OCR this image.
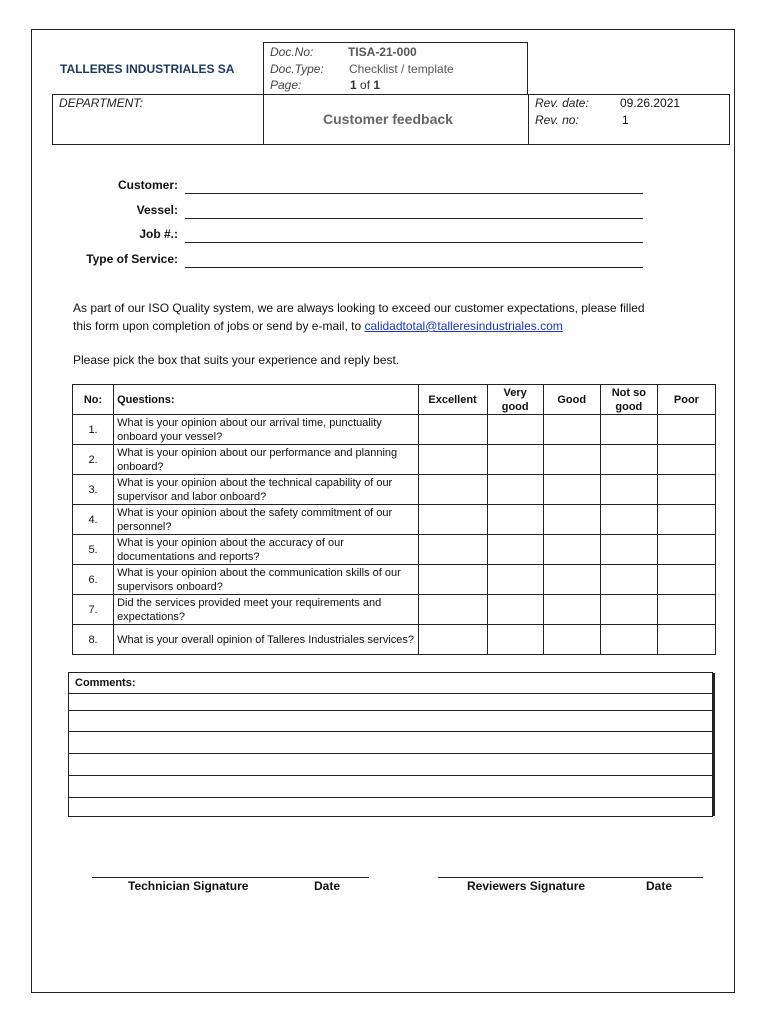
TALLERES INDUSTRIALES SA
Doc.No:	TISA-21-000
Doc.Type: Checklist / template
Page:	1 of 1
DEPARTMENT:
Customer feedback
Rev. date:	09.26.2021
Rev. no:	1
Customer:
Vessel:
Job #.:
Type of Service:
As part of our ISO Quality system, we are always looking to exceed our customer expectations, please filled
this form upon completion of jobs or send by e-mail, to calidadtotal@talleresindustriales.com
Please pick the box that suits your experience and reply best.
No:	Questions:	Excellent	Very good	Good	Not so good	Poor
1.	What is your opinion about our arrival time, punctuality onboard your vessel?					
2.	What is your opinion about our performance and planning onboard?					
3.	What is your opinion about the technical capability of our supervisor and labor onboard?					
4.	What is your opinion about the safety commitment of our personnel?					
5.	What is your opinion about the accuracy of our documentations and reports?					
6.	What is your opinion about the communication skills of our supervisors onboard?					
7.	Did the services provided meet your requirements and expectations?					
8.	What is your overall opinion of Talleres Industriales services?					
Comments:
Technician Signature	Date	Reviewers Signature	Date
